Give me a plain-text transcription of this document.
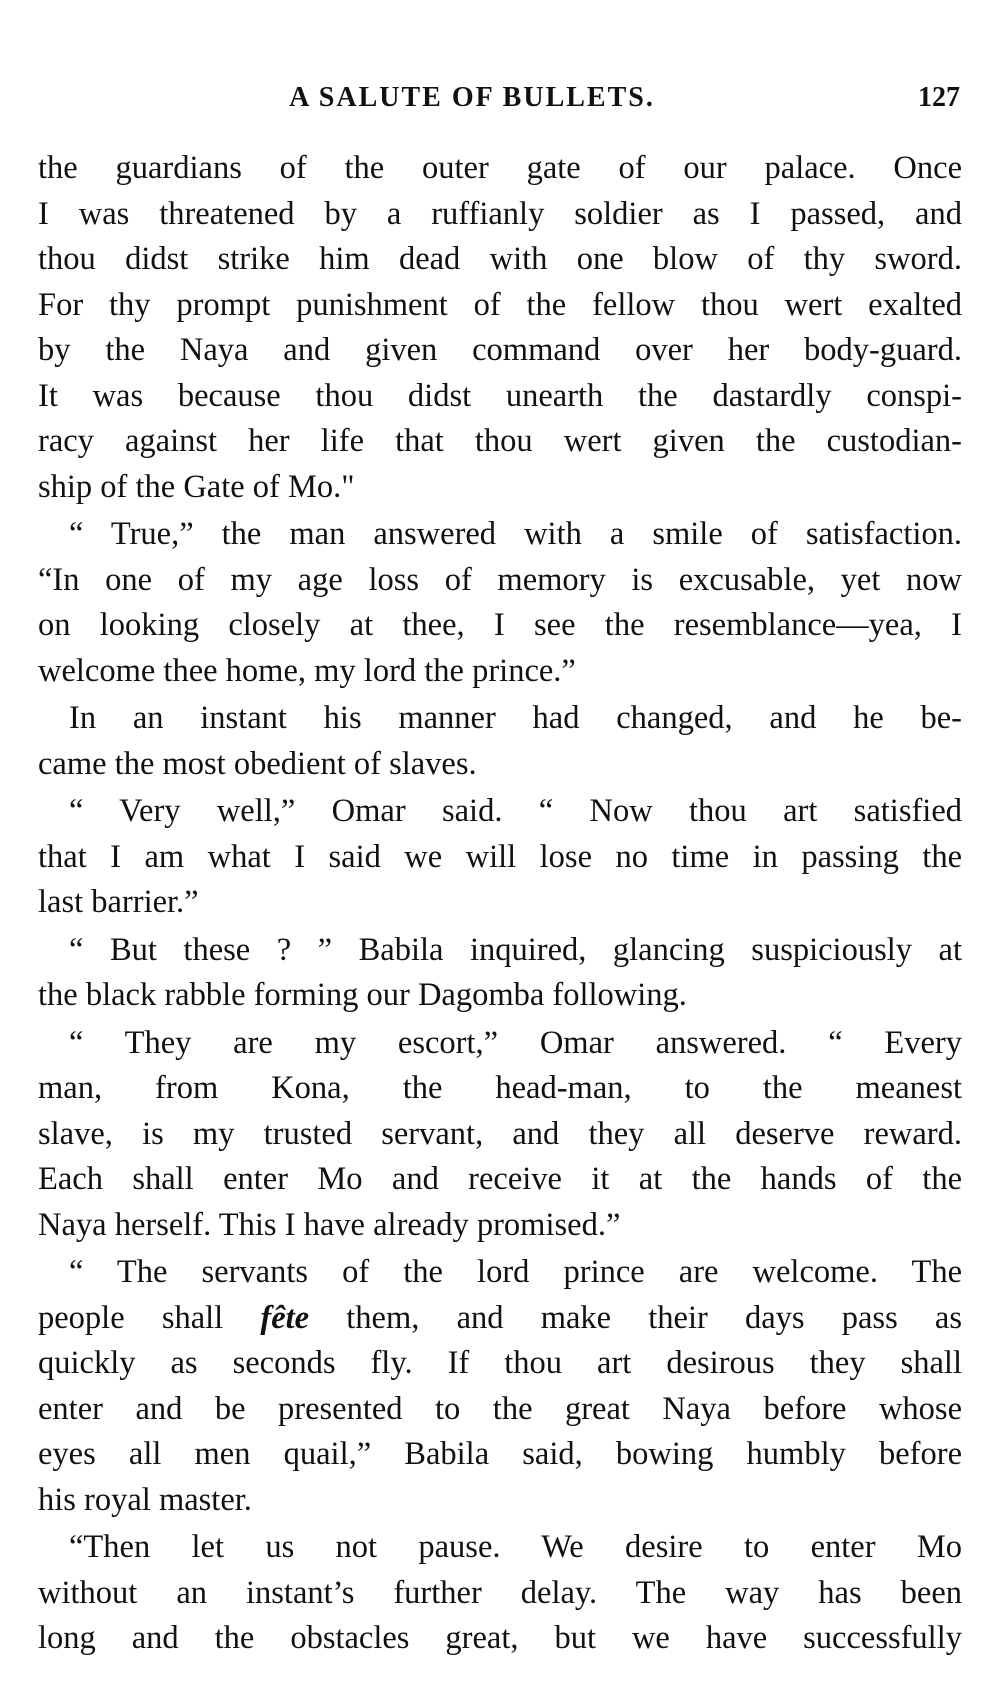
A SALUTE OF BULLETS.	127

the guardians of the outer gate of our palace. Once
I was threatened by a ruffianly soldier as I passed, and
thou didst strike him dead with one blow of thy sword.
For thy prompt punishment of the fellow thou wert exalted
by the Naya and given command over her body-guard.
It was because thou didst unearth the dastardly conspi-
racy against her life that thou wert given the custodian-
ship of the Gate of Mo."

“ True,” the man answered with a smile of satisfaction.
“In one of my age loss of memory is excusable, yet now
on looking closely at thee, I see the resemblance—yea, I
welcome thee home, my lord the prince.”

In an instant his manner had changed, and he be-
came the most obedient of slaves.

“ Very well,” Omar said. “ Now thou art satisfied
that I am what I said we will lose no time in passing the
last barrier.”

“ But these ? ” Babila inquired, glancing suspiciously at
the black rabble forming our Dagomba following.

“ They are my escort,” Omar answered. “ Every
man, from Kona, the head-man, to the meanest
slave, is my trusted servant, and they all deserve reward.
Each shall enter Mo and receive it at the hands of the
Naya herself. This I have already promised.”

“ The servants of the lord prince are welcome. The
people shall fête them, and make their days pass as
quickly as seconds fly. If thou art desirous they shall
enter and be presented to the great Naya before whose
eyes all men quail,” Babila said, bowing humbly before
his royal master.

“Then let us not pause. We desire to enter Mo
without an instant’s further delay. The way has been
long and the obstacles great, but we have successfully
